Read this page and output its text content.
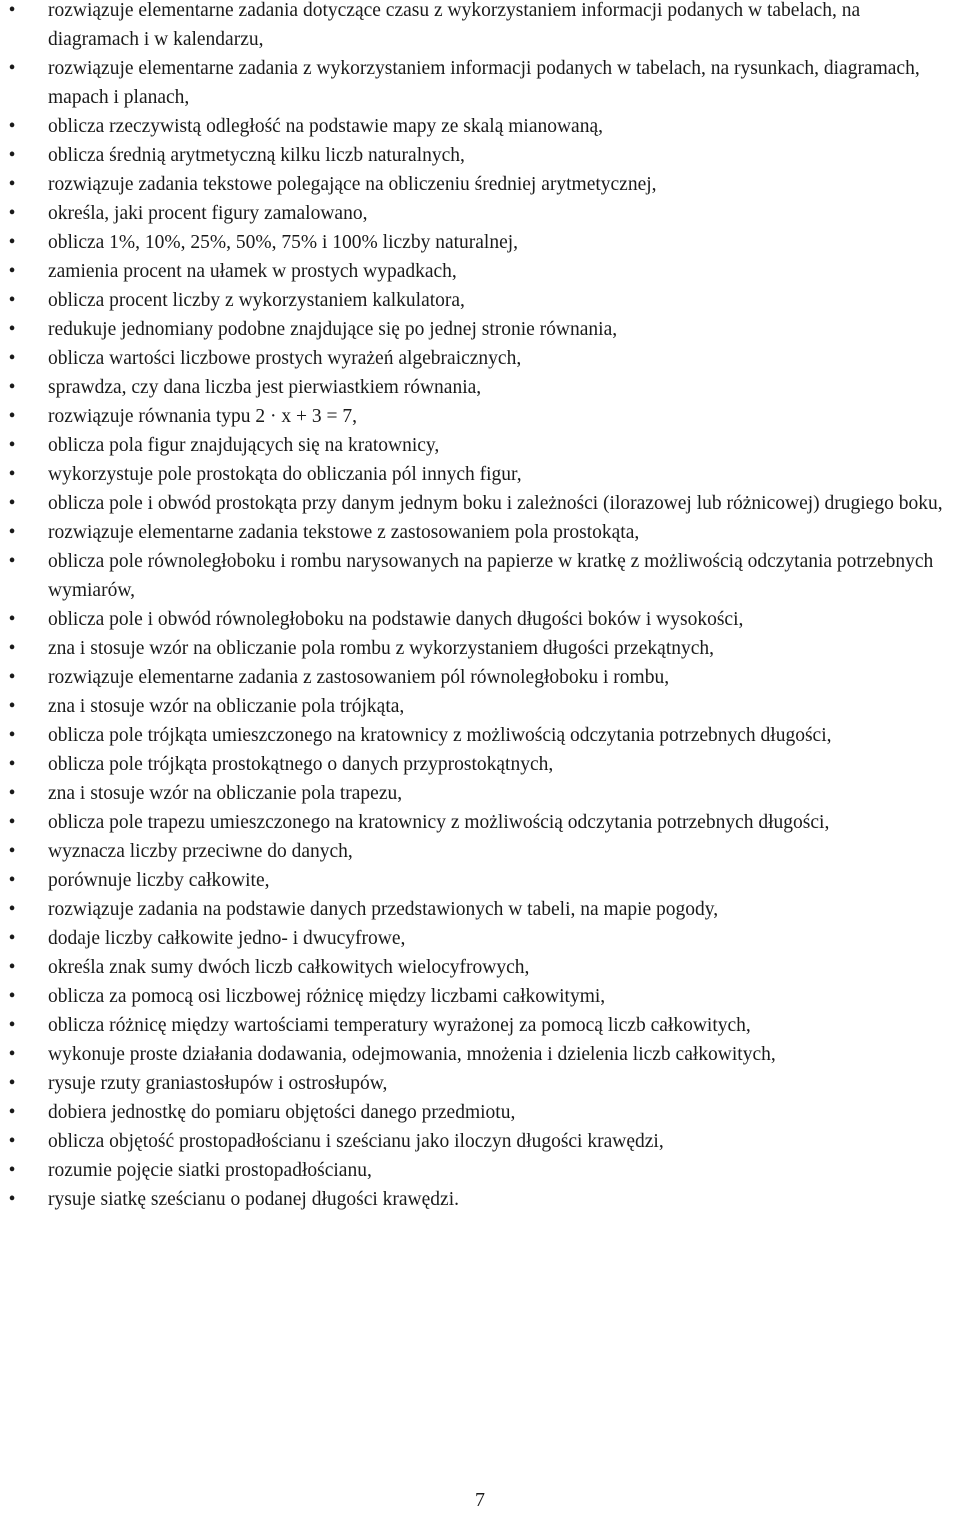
• rozwiązuje elementarne zadania dotyczące czasu z wykorzystaniem informacji podanych w tabelach, na diagramach i w kalendarzu,
• rozwiązuje elementarne zadania z wykorzystaniem informacji podanych w tabelach, na rysunkach, diagramach, mapach i planach,
• oblicza rzeczywistą odległość na podstawie mapy ze skalą mianowaną,
• oblicza średnią arytmetyczną kilku liczb naturalnych,
• rozwiązuje zadania tekstowe polegające na obliczeniu średniej arytmetycznej,
• określa, jaki procent figury zamalowano,
• oblicza 1%, 10%, 25%, 50%, 75% i 100% liczby naturalnej,
• zamienia procent na ułamek w prostych wypadkach,
• oblicza procent liczby z wykorzystaniem kalkulatora,
• redukuje jednomiany podobne znajdujące się po jednej stronie równania,
• oblicza wartości liczbowe prostych wyrażeń algebraicznych,
• sprawdza, czy dana liczba jest pierwiastkiem równania,
• rozwiązuje równania typu 2 · x + 3 = 7,
• oblicza pola figur znajdujących się na kratownicy,
• wykorzystuje pole prostokąta do obliczania pól innych figur,
• oblicza pole i obwód prostokąta przy danym jednym boku i zależności (ilorazowej lub różnicowej) drugiego boku,
• rozwiązuje elementarne zadania tekstowe z zastosowaniem pola prostokąta,
• oblicza pole równoległoboku i rombu narysowanych na papierze w kratkę z możliwością odczytania potrzebnych wymiarów,
• oblicza pole i obwód równoległoboku na podstawie danych długości boków i wysokości,
• zna i stosuje wzór na obliczanie pola rombu z wykorzystaniem długości przekątnych,
• rozwiązuje elementarne zadania z zastosowaniem pól równoległoboku i rombu,
• zna i stosuje wzór na obliczanie pola trójkąta,
• oblicza pole trójkąta umieszczonego na kratownicy z możliwością odczytania potrzebnych długości,
• oblicza pole trójkąta prostokątnego o danych przyprostokątnych,
• zna i stosuje wzór na obliczanie pola trapezu,
• oblicza pole trapezu umieszczonego na kratownicy z możliwością odczytania potrzebnych długości,
• wyznacza liczby przeciwne do danych,
• porównuje liczby całkowite,
• rozwiązuje zadania na podstawie danych przedstawionych w tabeli, na mapie pogody,
• dodaje liczby całkowite jedno- i dwucyfrowe,
• określa znak sumy dwóch liczb całkowitych wielocyfrowych,
• oblicza za pomocą osi liczbowej różnicę między liczbami całkowitymi,
• oblicza różnicę między wartościami temperatury wyrażonej za pomocą liczb całkowitych,
• wykonuje proste działania dodawania, odejmowania, mnożenia i dzielenia liczb całkowitych,
• rysuje rzuty graniastosłupów i ostrosłupów,
• dobiera jednostkę do pomiaru objętości danego przedmiotu,
• oblicza objętość prostopadłościanu i sześcianu jako iloczyn długości krawędzi,
• rozumie pojęcie siatki prostopadłościanu,
• rysuje siatkę sześcianu o podanej długości krawędzi.
7
